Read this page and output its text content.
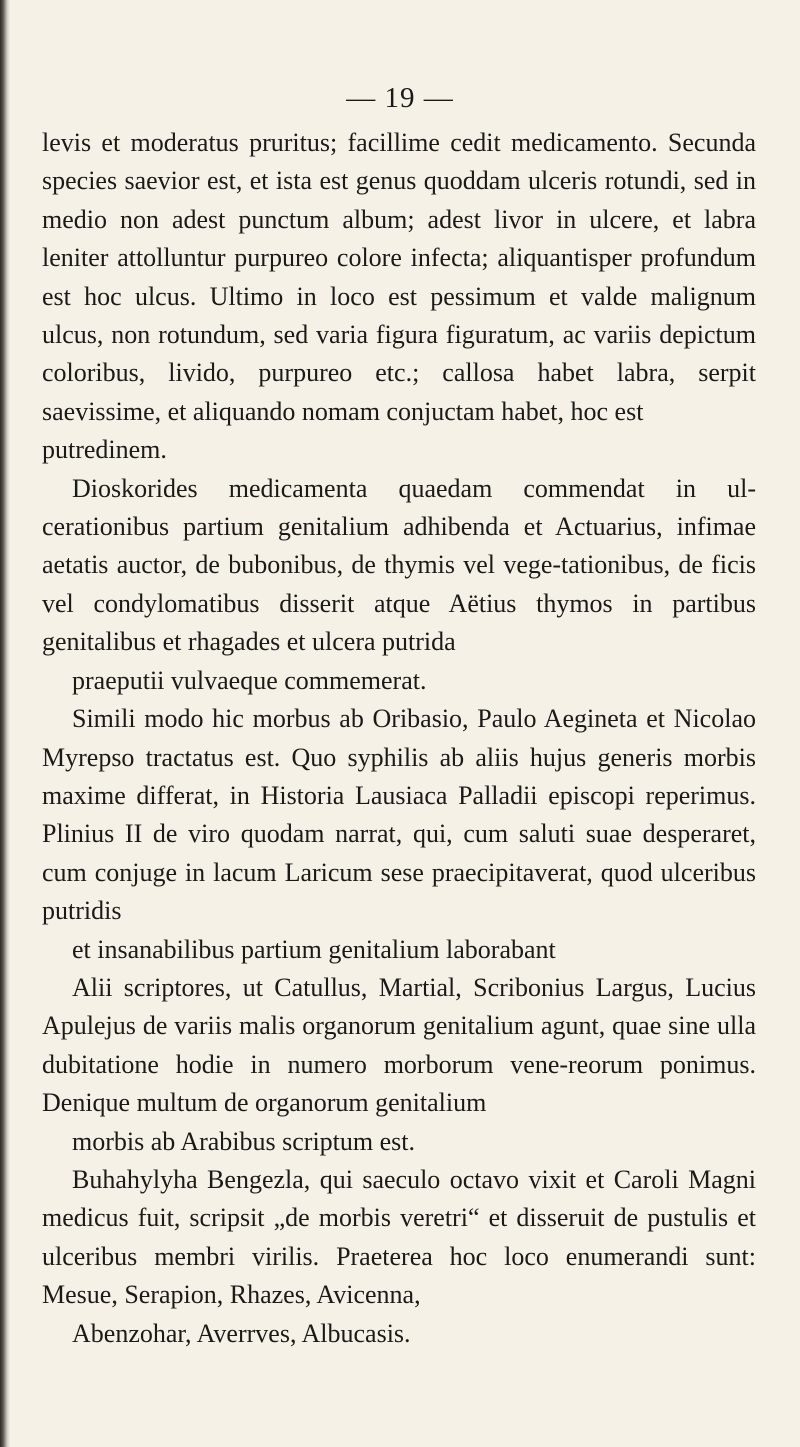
— 19 —

levis et moderatus pruritus; facillime cedit medicamento. Secunda species saevior est, et ista est genus quoddam ulceris rotundi, sed in medio non adest punctum album; adest livor in ulcere, et labra leniter attolluntur purpureo colore infecta; aliquantisper profundum est hoc ulcus. Ultimo in loco est pessimum et valde malignum ulcus, non rotundum, sed varia figura figuratum, ac variis depictum coloribus, livido, purpureo etc.; callosa habet labra, serpit saevissime, et aliquando nomam conjuctam habet, hoc est
putredinem.

Dioskorides medicamenta quaedam commendat in ul-cerationibus partium genitalium adhibenda et Actuarius, infimae aetatis auctor, de bubonibus, de thymis vel vege-tationibus, de ficis vel condylomatibus disserit atque Aëtius thymos in partibus genitalibus et rhagades et ulcera putrida
praeputii vulvaeque commemerat.

Simili modo hic morbus ab Oribasio, Paulo Aegineta et Nicolao Myrepso tractatus est. Quo syphilis ab aliis hujus generis morbis maxime differat, in Historia Lausiaca Palladii episcopi reperimus. Plinius II de viro quodam narrat, qui, cum saluti suae desperaret, cum conjuge in lacum Laricum sese praecipitaverat, quod ulceribus putridis
et insanabilibus partium genitalium laborabant

Alii scriptores, ut Catullus, Martial, Scribonius Largus, Lucius Apulejus de variis malis organorum genitalium agunt, quae sine ulla dubitatione hodie in numero morborum vene-reorum ponimus. Denique multum de organorum genitalium
morbis ab Arabibus scriptum est.

Buhahylyha Bengezla, qui saeculo octavo vixit et Caroli Magni medicus fuit, scripsit „de morbis veretri“ et disseruit de pustulis et ulceribus membri virilis. Praeterea hoc loco enumerandi sunt: Mesue, Serapion, Rhazes, Avicenna,
Abenzohar, Averrves, Albucasis.
